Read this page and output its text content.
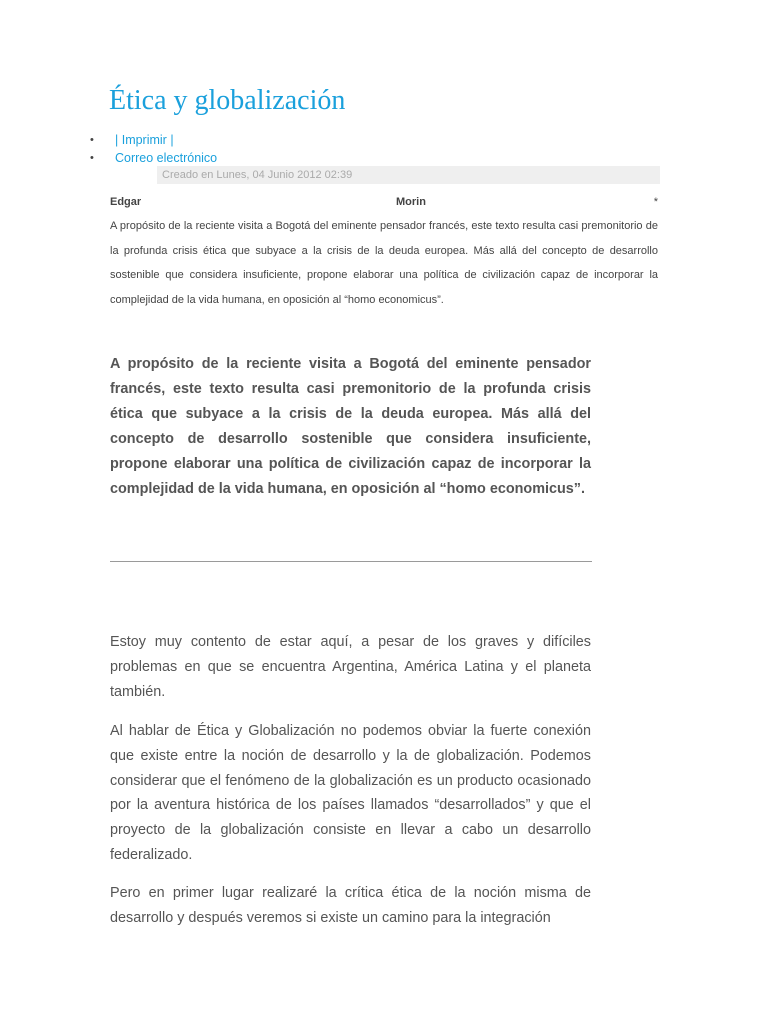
Ética y globalización
• | Imprimir |
• Correo electrónico
Creado en Lunes, 04 Junio 2012 02:39
Edgar	Morin	*

A propósito de la reciente visita a Bogotá del eminente pensador francés, este texto resulta casi premonitorio de la profunda crisis ética que subyace a la crisis de la deuda europea. Más allá del concepto de desarrollo sostenible que considera insuficiente, propone elaborar una política de civilización capaz de incorporar la complejidad de la vida humana, en oposición al “homo economicus”.

A propósito de la reciente visita a Bogotá del eminente pensador francés, este texto resulta casi premonitorio de la profunda crisis ética que subyace a la crisis de la deuda europea. Más allá del concepto de desarrollo sostenible que considera insuficiente, propone elaborar una política de civilización capaz de incorporar la complejidad de la vida humana, en oposición al “homo economicus”.

Estoy muy contento de estar aquí, a pesar de los graves y difíciles problemas en que se encuentra Argentina, América Latina y el planeta también.

Al hablar de Ética y Globalización no podemos obviar la fuerte conexión que existe entre la noción de desarrollo y la de globalización. Podemos considerar que el fenómeno de la globalización es un producto ocasionado por la aventura histórica de los países llamados “desarrollados” y que el proyecto de la globalización consiste en llevar a cabo un desarrollo federalizado.

Pero en primer lugar realizaré la crítica ética de la noción misma de desarrollo y después veremos si existe un camino para la integración
